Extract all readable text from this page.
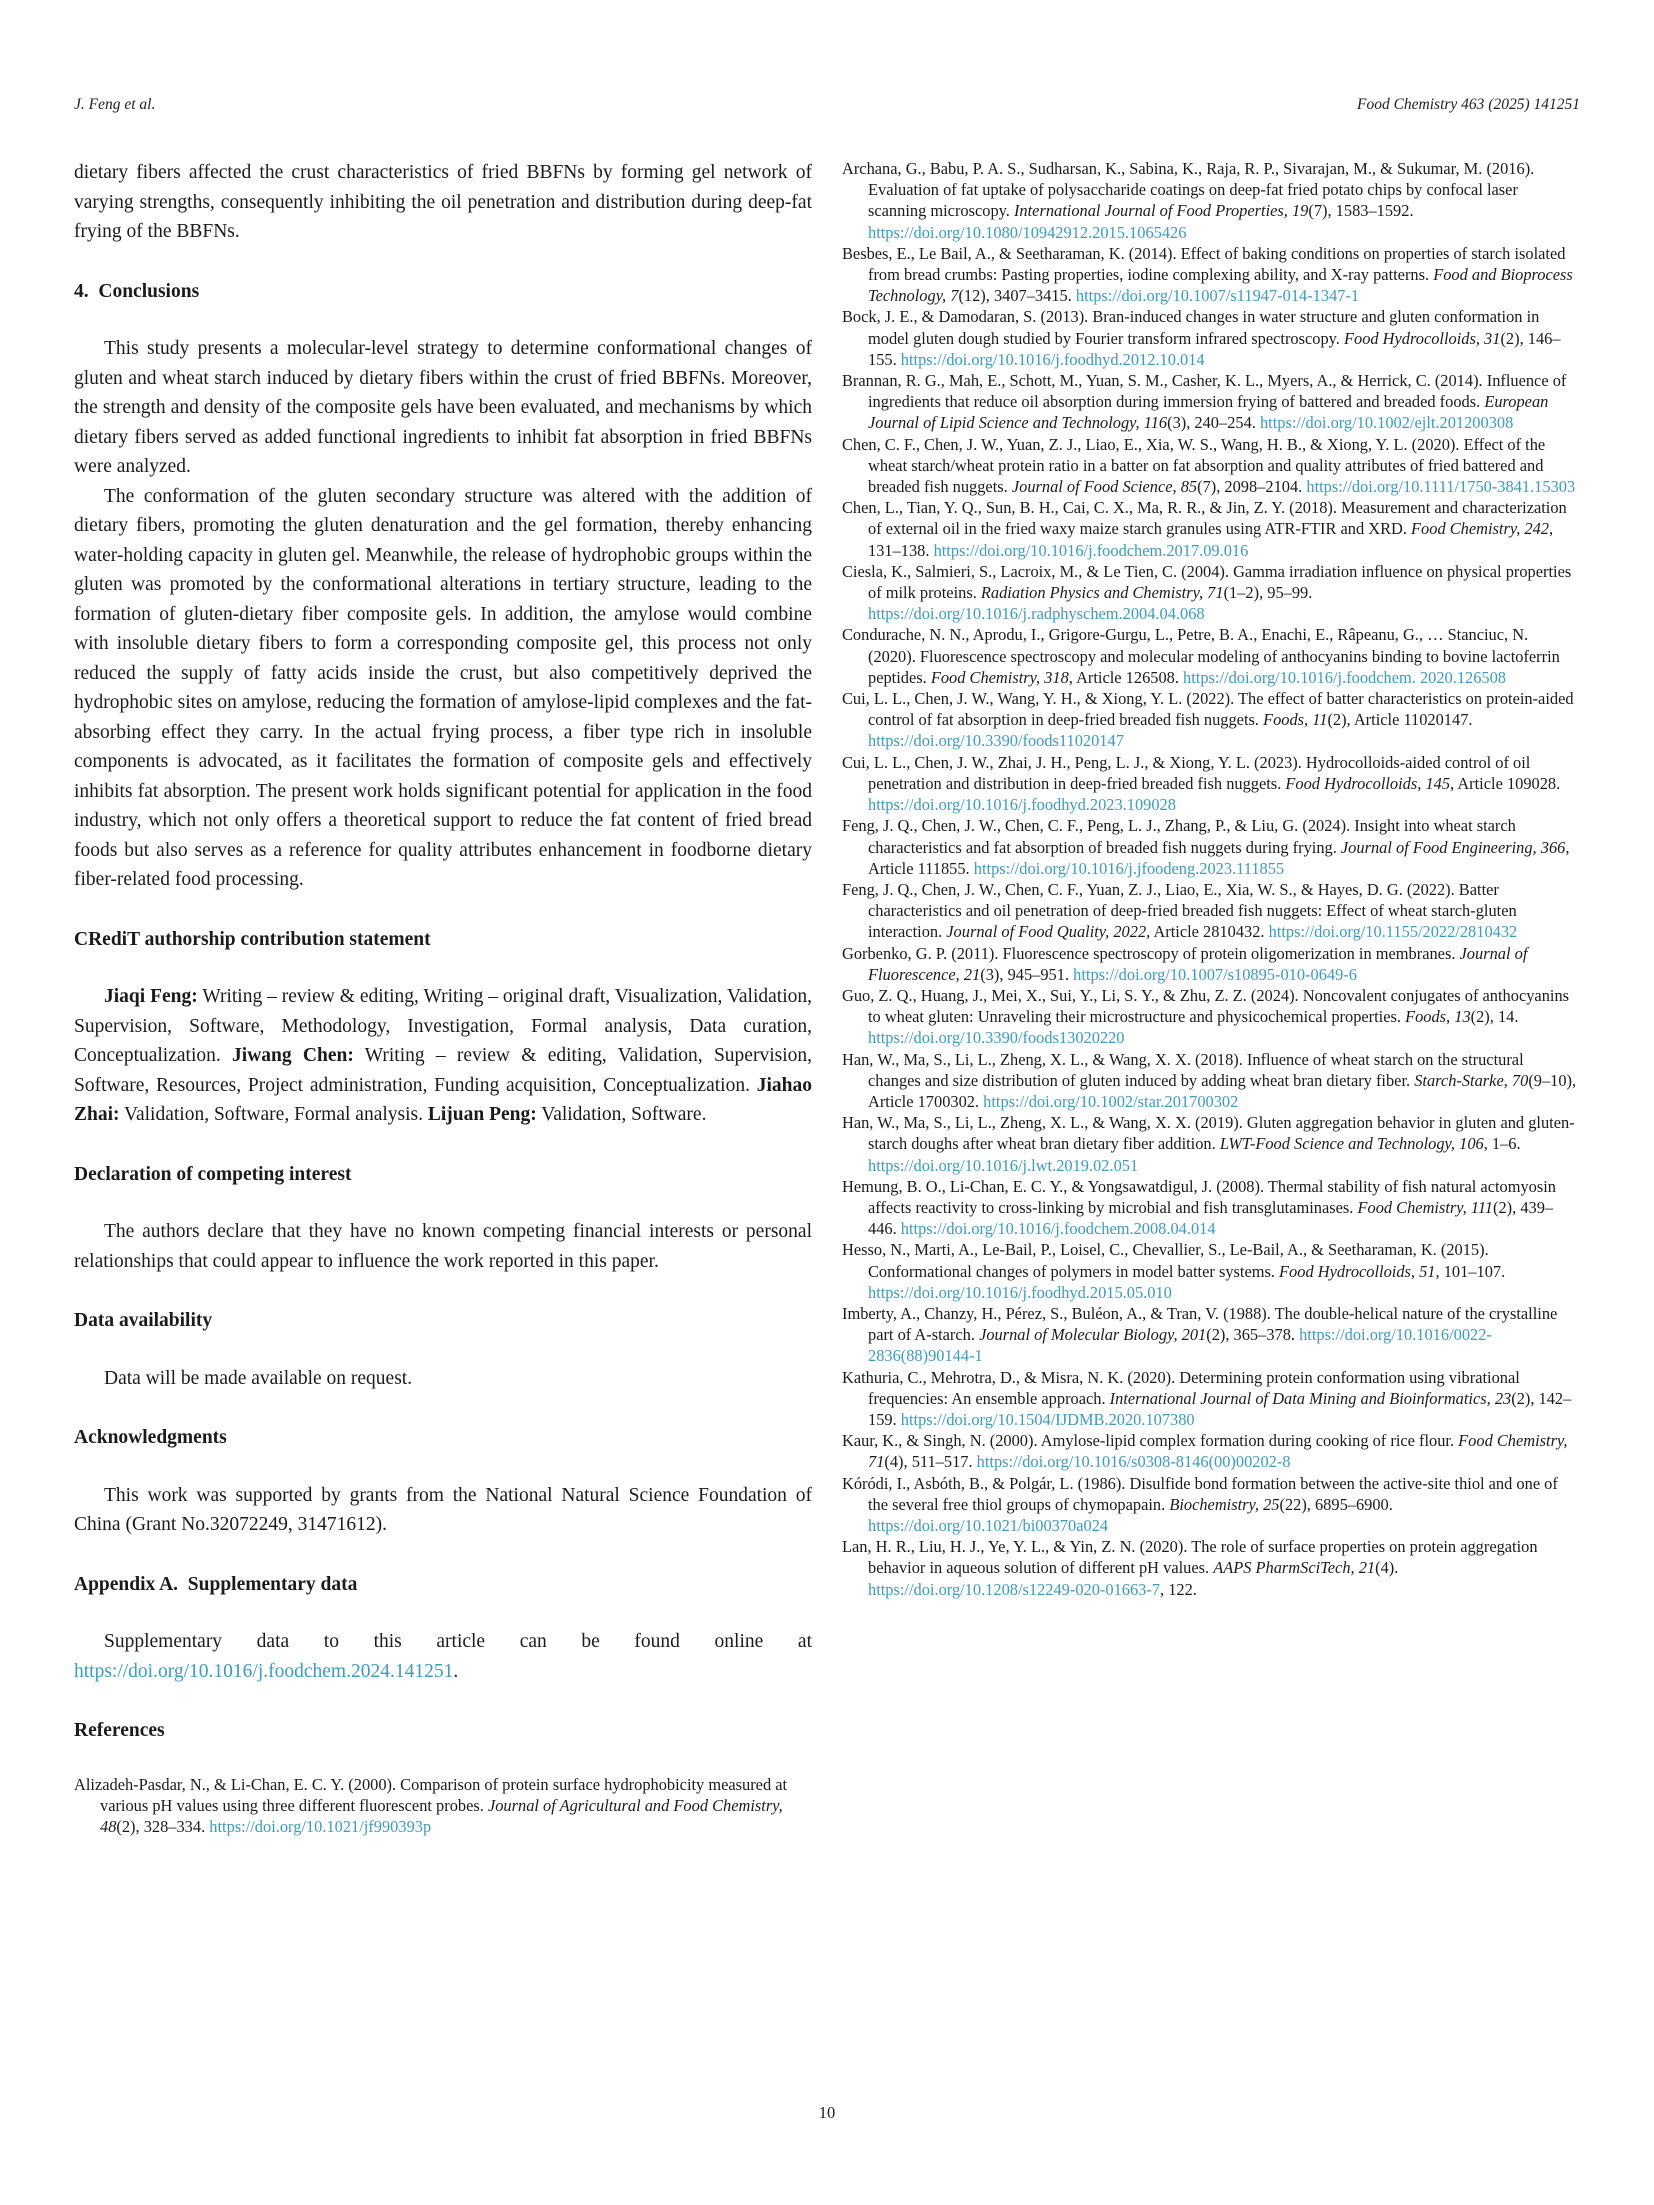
J. Feng et al.	Food Chemistry 463 (2025) 141251

dietary fibers affected the crust characteristics of fried BBFNs by forming gel network of varying strengths, consequently inhibiting the oil penetration and distribution during deep-fat frying of the BBFNs.

4.  Conclusions

This study presents a molecular-level strategy to determine conformational changes of gluten and wheat starch induced by dietary fibers within the crust of fried BBFNs. Moreover, the strength and density of the composite gels have been evaluated, and mechanisms by which dietary fibers served as added functional ingredients to inhibit fat absorption in fried BBFNs were analyzed.

The conformation of the gluten secondary structure was altered with the addition of dietary fibers, promoting the gluten denaturation and the gel formation, thereby enhancing water-holding capacity in gluten gel. Meanwhile, the release of hydrophobic groups within the gluten was promoted by the conformational alterations in tertiary structure, leading to the formation of gluten-dietary fiber composite gels. In addition, the amylose would combine with insoluble dietary fibers to form a corresponding composite gel, this process not only reduced the supply of fatty acids inside the crust, but also competitively deprived the hydrophobic sites on amylose, reducing the formation of amylose-lipid complexes and the fat-absorbing effect they carry. In the actual frying process, a fiber type rich in insoluble components is advocated, as it facilitates the formation of composite gels and effectively inhibits fat absorption. The present work holds significant potential for application in the food industry, which not only offers a theoretical support to reduce the fat content of fried bread foods but also serves as a reference for quality attributes enhancement in foodborne dietary fiber-related food processing.

CRediT authorship contribution statement

Jiaqi Feng: Writing – review & editing, Writing – original draft, Visualization, Validation, Supervision, Software, Methodology, Investigation, Formal analysis, Data curation, Conceptualization. Jiwang Chen: Writing – review & editing, Validation, Supervision, Software, Resources, Project administration, Funding acquisition, Conceptualization. Jiahao Zhai: Validation, Software, Formal analysis. Lijuan Peng: Validation, Software.

Declaration of competing interest

The authors declare that they have no known competing financial interests or personal relationships that could appear to influence the work reported in this paper.

Data availability

Data will be made available on request.

Acknowledgments

This work was supported by grants from the National Natural Science Foundation of China (Grant No.32072249, 31471612).

Appendix A.  Supplementary data

Supplementary data to this article can be found online at https://doi.org/10.1016/j.foodchem.2024.141251.

References

Alizadeh-Pasdar, N., & Li-Chan, E. C. Y. (2000). Comparison of protein surface hydrophobicity measured at various pH values using three different fluorescent probes. Journal of Agricultural and Food Chemistry, 48(2), 328–334. https://doi.org/10.1021/jf990393p

Archana, G., Babu, P. A. S., Sudharsan, K., Sabina, K., Raja, R. P., Sivarajan, M., & Sukumar, M. (2016). Evaluation of fat uptake of polysaccharide coatings on deep-fat fried potato chips by confocal laser scanning microscopy. International Journal of Food Properties, 19(7), 1583–1592. https://doi.org/10.1080/10942912.2015.1065426

Besbes, E., Le Bail, A., & Seetharaman, K. (2014). Effect of baking conditions on properties of starch isolated from bread crumbs: Pasting properties, iodine complexing ability, and X-ray patterns. Food and Bioprocess Technology, 7(12), 3407–3415. https://doi.org/10.1007/s11947-014-1347-1

Bock, J. E., & Damodaran, S. (2013). Bran-induced changes in water structure and gluten conformation in model gluten dough studied by Fourier transform infrared spectroscopy. Food Hydrocolloids, 31(2), 146–155. https://doi.org/10.1016/j.foodhyd.2012.10.014

Brannan, R. G., Mah, E., Schott, M., Yuan, S. M., Casher, K. L., Myers, A., & Herrick, C. (2014). Influence of ingredients that reduce oil absorption during immersion frying of battered and breaded foods. European Journal of Lipid Science and Technology, 116(3), 240–254. https://doi.org/10.1002/ejlt.201200308

Chen, C. F., Chen, J. W., Yuan, Z. J., Liao, E., Xia, W. S., Wang, H. B., & Xiong, Y. L. (2020). Effect of the wheat starch/wheat protein ratio in a batter on fat absorption and quality attributes of fried battered and breaded fish nuggets. Journal of Food Science, 85(7), 2098–2104. https://doi.org/10.1111/1750-3841.15303

Chen, L., Tian, Y. Q., Sun, B. H., Cai, C. X., Ma, R. R., & Jin, Z. Y. (2018). Measurement and characterization of external oil in the fried waxy maize starch granules using ATR-FTIR and XRD. Food Chemistry, 242, 131–138. https://doi.org/10.1016/j.foodchem.2017.09.016

Ciesla, K., Salmieri, S., Lacroix, M., & Le Tien, C. (2004). Gamma irradiation influence on physical properties of milk proteins. Radiation Physics and Chemistry, 71(1–2), 95–99. https://doi.org/10.1016/j.radphyschem.2004.04.068

Condurache, N. N., Aprodu, I., Grigore-Gurgu, L., Petre, B. A., Enachi, E., Râpeanu, G., … Stanciuc, N. (2020). Fluorescence spectroscopy and molecular modeling of anthocyanins binding to bovine lactoferrin peptides. Food Chemistry, 318, Article 126508. https://doi.org/10.1016/j.foodchem. 2020.126508

Cui, L. L., Chen, J. W., Wang, Y. H., & Xiong, Y. L. (2022). The effect of batter characteristics on protein-aided control of fat absorption in deep-fried breaded fish nuggets. Foods, 11(2), Article 11020147. https://doi.org/10.3390/foods11020147

Cui, L. L., Chen, J. W., Zhai, J. H., Peng, L. J., & Xiong, Y. L. (2023). Hydrocolloids-aided control of oil penetration and distribution in deep-fried breaded fish nuggets. Food Hydrocolloids, 145, Article 109028. https://doi.org/10.1016/j.foodhyd.2023.109028

Feng, J. Q., Chen, J. W., Chen, C. F., Peng, L. J., Zhang, P., & Liu, G. (2024). Insight into wheat starch characteristics and fat absorption of breaded fish nuggets during frying. Journal of Food Engineering, 366, Article 111855. https://doi.org/10.1016/j.jfoodeng.2023.111855

Feng, J. Q., Chen, J. W., Chen, C. F., Yuan, Z. J., Liao, E., Xia, W. S., & Hayes, D. G. (2022). Batter characteristics and oil penetration of deep-fried breaded fish nuggets: Effect of wheat starch-gluten interaction. Journal of Food Quality, 2022, Article 2810432. https://doi.org/10.1155/2022/2810432

Gorbenko, G. P. (2011). Fluorescence spectroscopy of protein oligomerization in membranes. Journal of Fluorescence, 21(3), 945–951. https://doi.org/10.1007/s10895-010-0649-6

Guo, Z. Q., Huang, J., Mei, X., Sui, Y., Li, S. Y., & Zhu, Z. Z. (2024). Noncovalent conjugates of anthocyanins to wheat gluten: Unraveling their microstructure and physicochemical properties. Foods, 13(2), 14. https://doi.org/10.3390/foods13020220

Han, W., Ma, S., Li, L., Zheng, X. L., & Wang, X. X. (2018). Influence of wheat starch on the structural changes and size distribution of gluten induced by adding wheat bran dietary fiber. Starch-Starke, 70(9–10), Article 1700302. https://doi.org/10.1002/star.201700302

Han, W., Ma, S., Li, L., Zheng, X. L., & Wang, X. X. (2019). Gluten aggregation behavior in gluten and gluten-starch doughs after wheat bran dietary fiber addition. LWT-Food Science and Technology, 106, 1–6. https://doi.org/10.1016/j.lwt.2019.02.051

Hemung, B. O., Li-Chan, E. C. Y., & Yongsawatdigul, J. (2008). Thermal stability of fish natural actomyosin affects reactivity to cross-linking by microbial and fish transglutaminases. Food Chemistry, 111(2), 439–446. https://doi.org/10.1016/j.foodchem.2008.04.014

Hesso, N., Marti, A., Le-Bail, P., Loisel, C., Chevallier, S., Le-Bail, A., & Seetharaman, K. (2015). Conformational changes of polymers in model batter systems. Food Hydrocolloids, 51, 101–107. https://doi.org/10.1016/j.foodhyd.2015.05.010

Imberty, A., Chanzy, H., Pérez, S., Buléon, A., & Tran, V. (1988). The double-helical nature of the crystalline part of A-starch. Journal of Molecular Biology, 201(2), 365–378. https://doi.org/10.1016/0022-2836(88)90144-1

Kathuria, C., Mehrotra, D., & Misra, N. K. (2020). Determining protein conformation using vibrational frequencies: An ensemble approach. International Journal of Data Mining and Bioinformatics, 23(2), 142–159. https://doi.org/10.1504/IJDMB.2020.107380

Kaur, K., & Singh, N. (2000). Amylose-lipid complex formation during cooking of rice flour. Food Chemistry, 71(4), 511–517. https://doi.org/10.1016/s0308-8146(00)00202-8

Kóródi, I., Asbóth, B., & Polgár, L. (1986). Disulfide bond formation between the active-site thiol and one of the several free thiol groups of chymopapain. Biochemistry, 25(22), 6895–6900. https://doi.org/10.1021/bi00370a024

Lan, H. R., Liu, H. J., Ye, Y. L., & Yin, Z. N. (2020). The role of surface properties on protein aggregation behavior in aqueous solution of different pH values. AAPS PharmSciTech, 21(4). https://doi.org/10.1208/s12249-020-01663-7, 122.

10
